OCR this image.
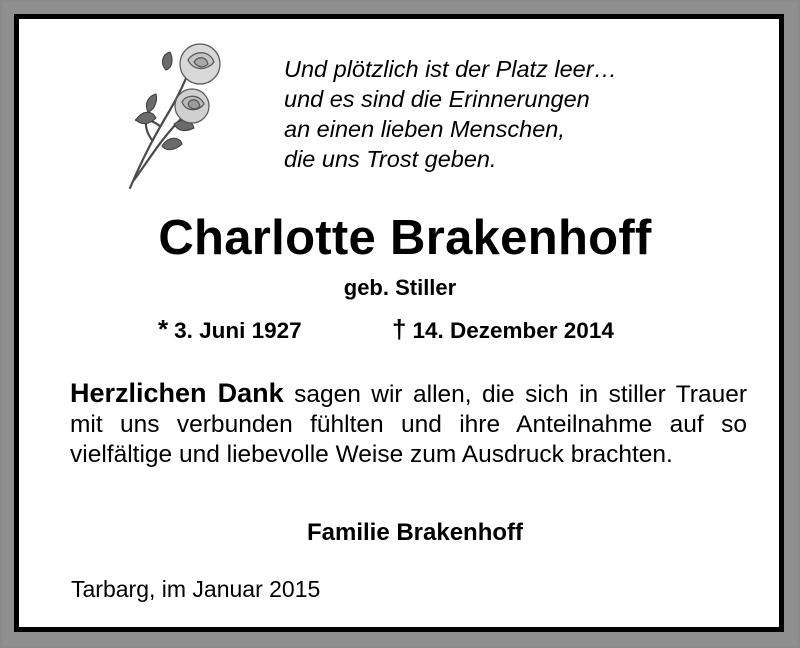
Und plötzlich ist der Platz leer…
und es sind die Erinnerungen
an einen lieben Menschen,
die uns Trost geben.
Charlotte Brakenhoff
geb. Stiller
* 3. Juni 1927	† 14. Dezember 2014
Herzlichen Dank sagen wir allen, die sich in stiller Trauer mit uns verbunden fühlten und ihre Anteilnahme auf so vielfältige und liebevolle Weise zum Ausdruck brachten.
Familie Brakenhoff
Tarbarg, im Januar 2015
